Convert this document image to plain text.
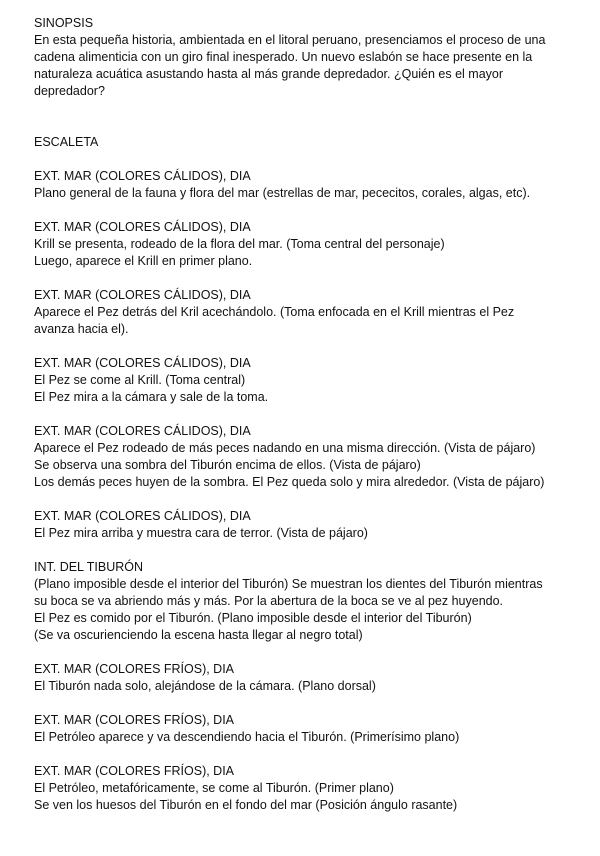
SINOPSIS
En esta pequeña historia, ambientada en el litoral peruano, presenciamos el proceso de una
cadena alimenticia con un giro final inesperado. Un nuevo eslabón se hace presente en la
naturaleza acuática asustando hasta al más grande depredador. ¿Quién es el mayor
depredador?
ESCALETA
EXT. MAR (COLORES CÁLIDOS), DIA
Plano general de la fauna y flora del mar (estrellas de mar, pececitos, corales, algas, etc).
EXT. MAR (COLORES CÁLIDOS), DIA
Krill se presenta, rodeado de la flora del mar. (Toma central del personaje)
Luego, aparece el Krill en primer plano.
EXT. MAR (COLORES CÁLIDOS), DIA
Aparece el Pez detrás del Kril acechándolo. (Toma enfocada en el Krill mientras el Pez
avanza hacia el).
EXT. MAR (COLORES CÁLIDOS), DIA
El Pez se come al Krill. (Toma central)
El Pez mira a la cámara y sale de la toma.
EXT. MAR (COLORES CÁLIDOS), DIA
Aparece el Pez rodeado de más peces nadando en una misma dirección. (Vista de pájaro)
Se observa una sombra del Tiburón encima de ellos. (Vista de pájaro)
Los demás peces huyen de la sombra. El Pez queda solo y mira alrededor. (Vista de pájaro)
EXT. MAR (COLORES CÁLIDOS), DIA
El Pez mira arriba y muestra cara de terror. (Vista de pájaro)
INT. DEL TIBURÓN
(Plano imposible desde el interior del Tiburón) Se muestran los dientes del Tiburón mientras
su boca se va abriendo más y más. Por la abertura de la boca se ve al pez huyendo.
El Pez es comido por el Tiburón. (Plano imposible desde el interior del Tiburón)
(Se va oscurienciendo la escena hasta llegar al negro total)
EXT. MAR (COLORES FRÍOS), DIA
El Tiburón nada solo, alejándose de la cámara. (Plano dorsal)
EXT. MAR (COLORES FRÍOS), DIA
El Petróleo aparece y va descendiendo hacia el Tiburón. (Primerísimo plano)
EXT. MAR (COLORES FRÍOS), DIA
El Petróleo, metafóricamente, se come al Tiburón. (Primer plano)
Se ven los huesos del Tiburón en el fondo del mar (Posición ángulo rasante)
